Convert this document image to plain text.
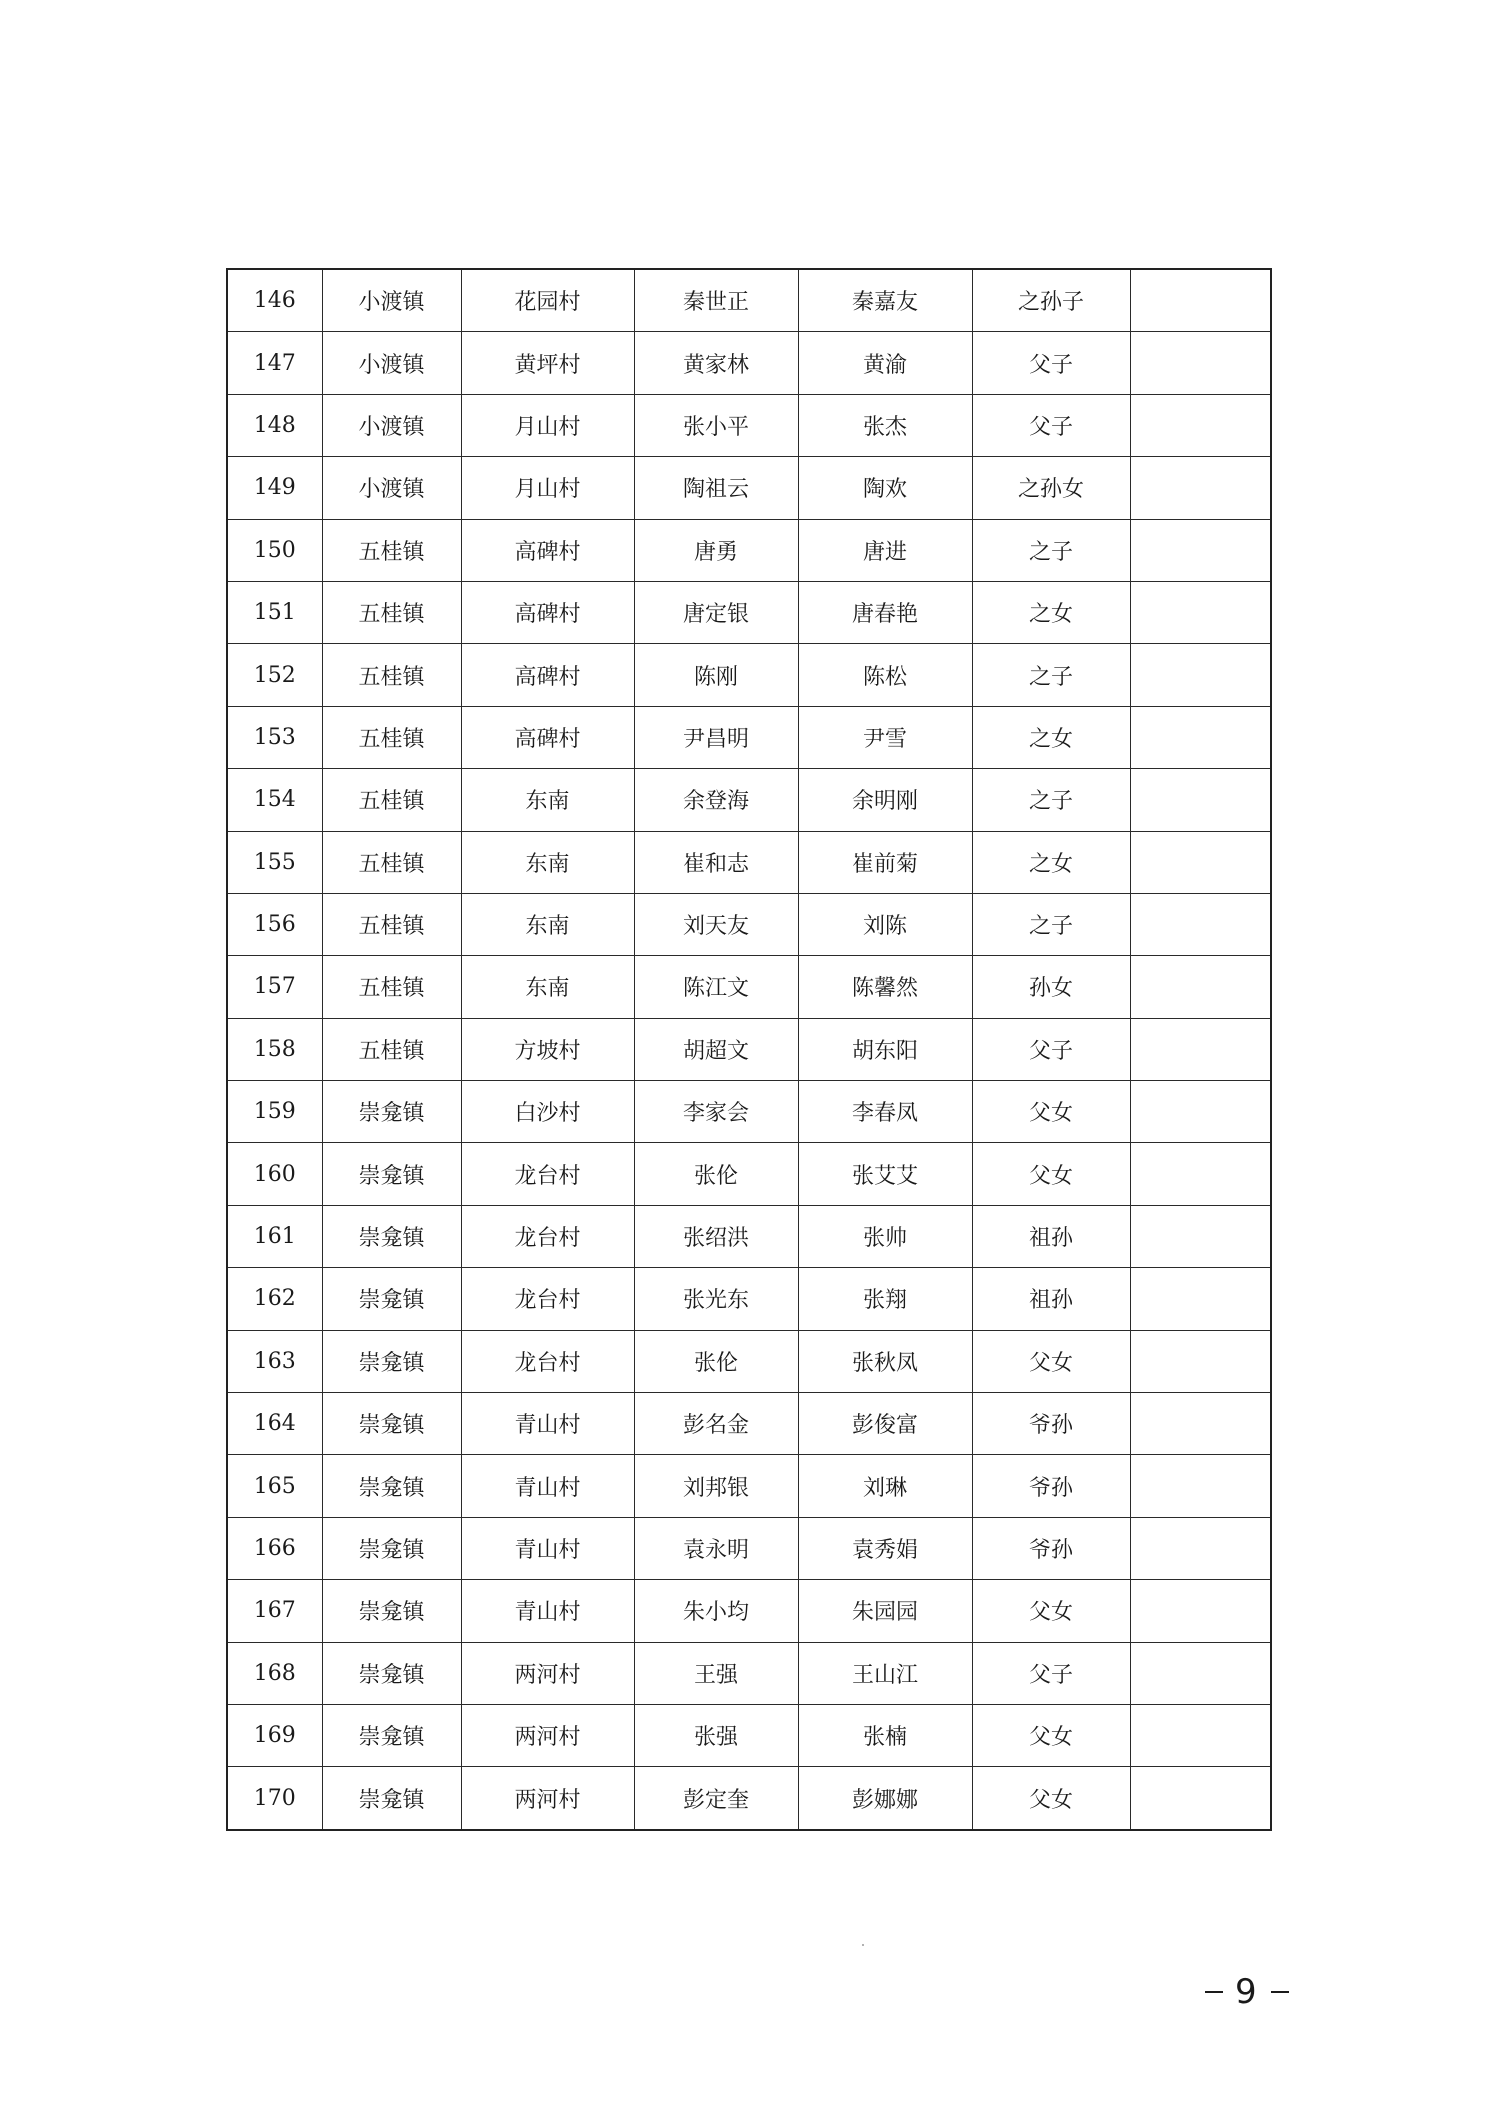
146	小渡镇	花园村	秦世正	秦嘉友	之孙子	
147	小渡镇	黄坪村	黄家林	黄渝	父子	
148	小渡镇	月山村	张小平	张杰	父子	
149	小渡镇	月山村	陶祖云	陶欢	之孙女	
150	五桂镇	高碑村	唐勇	唐进	之子	
151	五桂镇	高碑村	唐定银	唐春艳	之女	
152	五桂镇	高碑村	陈刚	陈松	之子	
153	五桂镇	高碑村	尹昌明	尹雪	之女	
154	五桂镇	东南	余登海	余明刚	之子	
155	五桂镇	东南	崔和志	崔前菊	之女	
156	五桂镇	东南	刘天友	刘陈	之子	
157	五桂镇	东南	陈江文	陈馨然	孙女	
158	五桂镇	方坡村	胡超文	胡东阳	父子	
159	崇龛镇	白沙村	李家会	李春凤	父女	
160	崇龛镇	龙台村	张伦	张艾艾	父女	
161	崇龛镇	龙台村	张绍洪	张帅	祖孙	
162	崇龛镇	龙台村	张光东	张翔	祖孙	
163	崇龛镇	龙台村	张伦	张秋凤	父女	
164	崇龛镇	青山村	彭名金	彭俊富	爷孙	
165	崇龛镇	青山村	刘邦银	刘琳	爷孙	
166	崇龛镇	青山村	袁永明	袁秀娟	爷孙	
167	崇龛镇	青山村	朱小均	朱园园	父女	
168	崇龛镇	两河村	王强	王山江	父子	
169	崇龛镇	两河村	张强	张楠	父女	
170	崇龛镇	两河村	彭定奎	彭娜娜	父女	
9
